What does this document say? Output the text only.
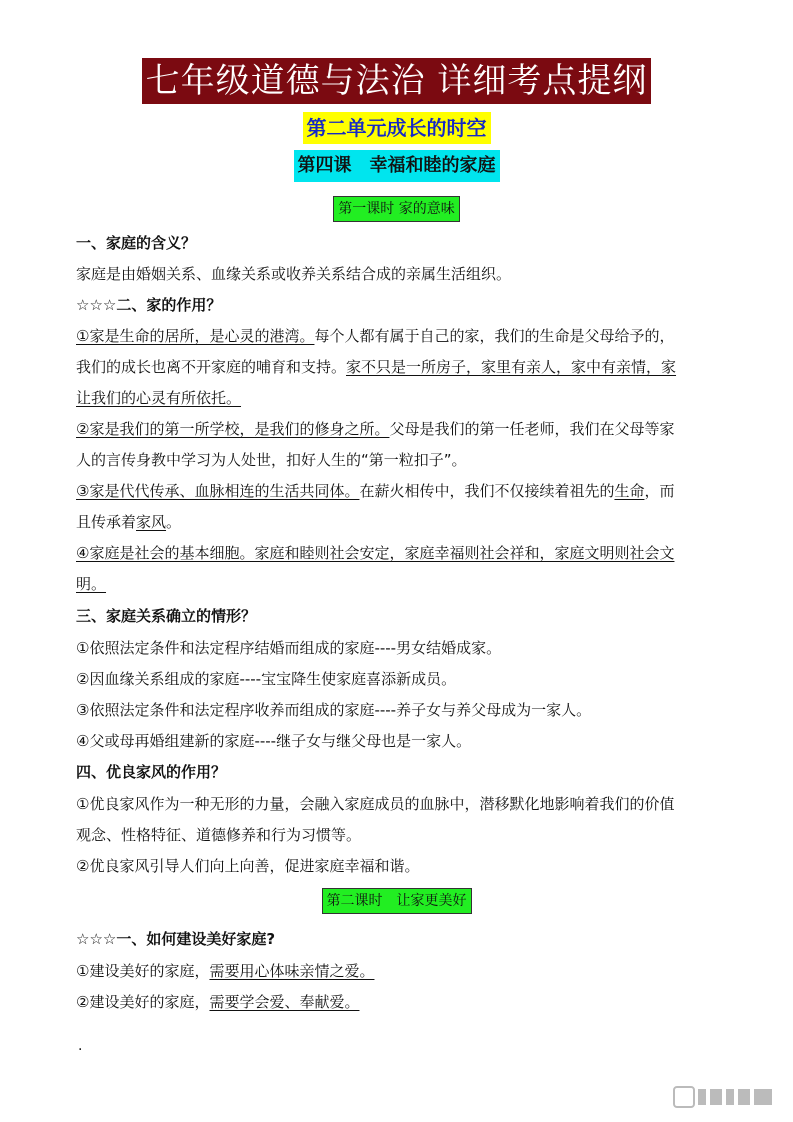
七年级道德与法治 详细考点提纲
第二单元成长的时空
第四课　幸福和睦的家庭
第一课时 家的意味
一、家庭的含义？
家庭是由婚姻关系、血缘关系或收养关系结合成的亲属生活组织。
☆☆☆二、家的作用？
①家是生命的居所，是心灵的港湾。每个人都有属于自己的家，我们的生命是父母给予的，
我们的成长也离不开家庭的哺育和支持。家不只是一所房子，家里有亲人，家中有亲情，家
让我们的心灵有所依托。
②家是我们的第一所学校，是我们的修身之所。父母是我们的第一任老师，我们在父母等家
人的言传身教中学习为人处世，扣好人生的“第一粒扣子”。
③家是代代传承、血脉相连的生活共同体。在薪火相传中，我们不仅接续着祖先的生命，而
且传承着家风。
④家庭是社会的基本细胞。家庭和睦则社会安定，家庭幸福则社会祥和，家庭文明则社会文
明。
三、家庭关系确立的情形？
①依照法定条件和法定程序结婚而组成的家庭----男女结婚成家。
②因血缘关系组成的家庭----宝宝降生使家庭喜添新成员。
③依照法定条件和法定程序收养而组成的家庭----养子女与养父母成为一家人。
④父或母再婚组建新的家庭----继子女与继父母也是一家人。
四、优良家风的作用？
①优良家风作为一种无形的力量，会融入家庭成员的血脉中，潜移默化地影响着我们的价值
观念、性格特征、道德修养和行为习惯等。
②优良家风引导人们向上向善，促进家庭幸福和谐。
第二课时　让家更美好
☆☆☆一、如何建设美好家庭?
①建设美好的家庭，需要用心体味亲情之爱。
②建设美好的家庭，需要学会爱、奉献爱。
.
